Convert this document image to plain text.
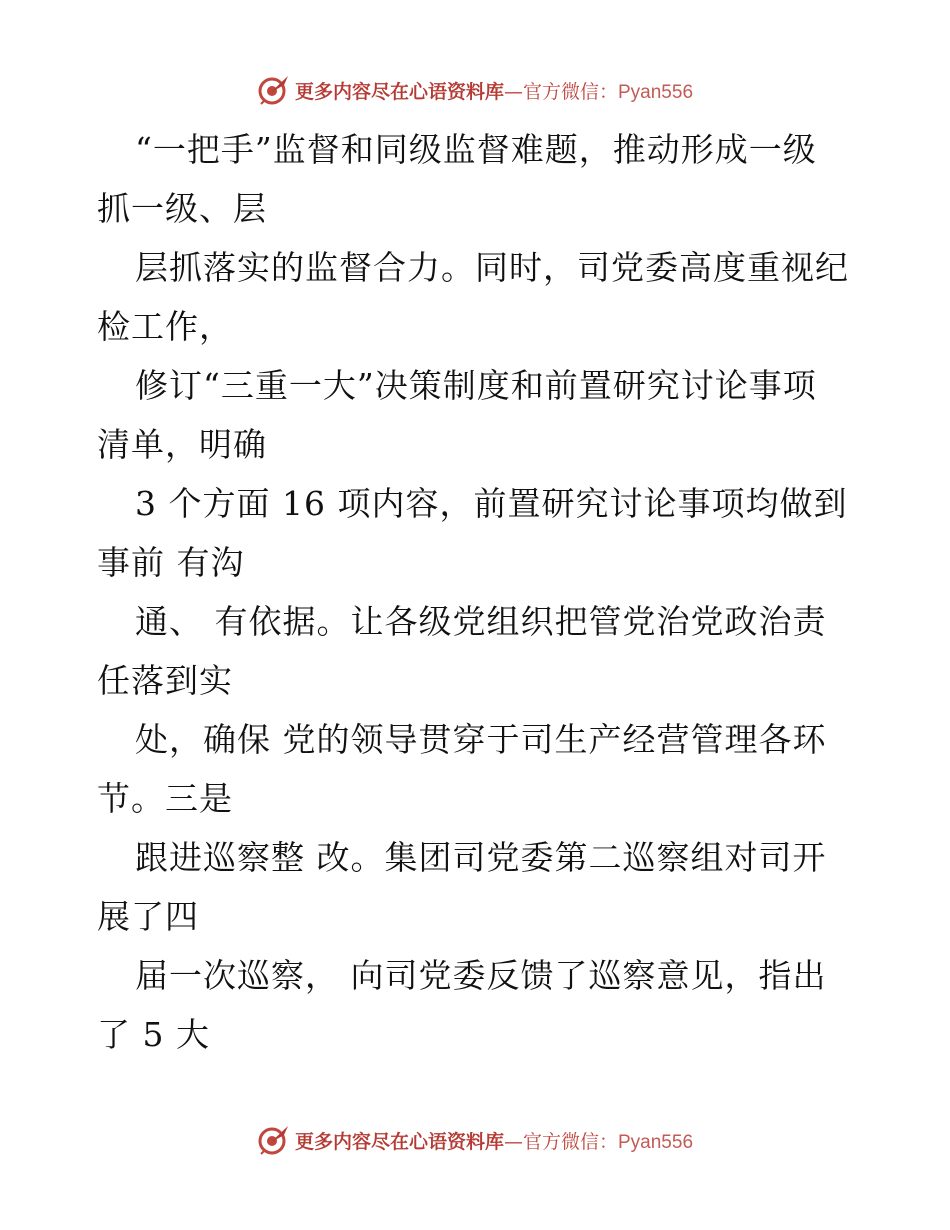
更多内容尽在心语资料库—官方微信：Pyan556
“一把手”监督和同级监督难题，推动形成一级
抓一级、层
层抓落实的监督合力。同时，司党委高度重视纪
检工作，
修订“三重一大”决策制度和前置研究讨论事项
清单，明确
3 个方面 16 项内容，前置研究讨论事项均做到
事前 有沟
通、 有依据。让各级党组织把管党治党政治责
任落到实
处，确保 党的领导贯穿于司生产经营管理各环
节。三是
跟进巡察整 改。集团司党委第二巡察组对司开
展了四
届一次巡察， 向司党委反馈了巡察意见，指出
了 5 大
更多内容尽在心语资料库—官方微信：Pyan556
